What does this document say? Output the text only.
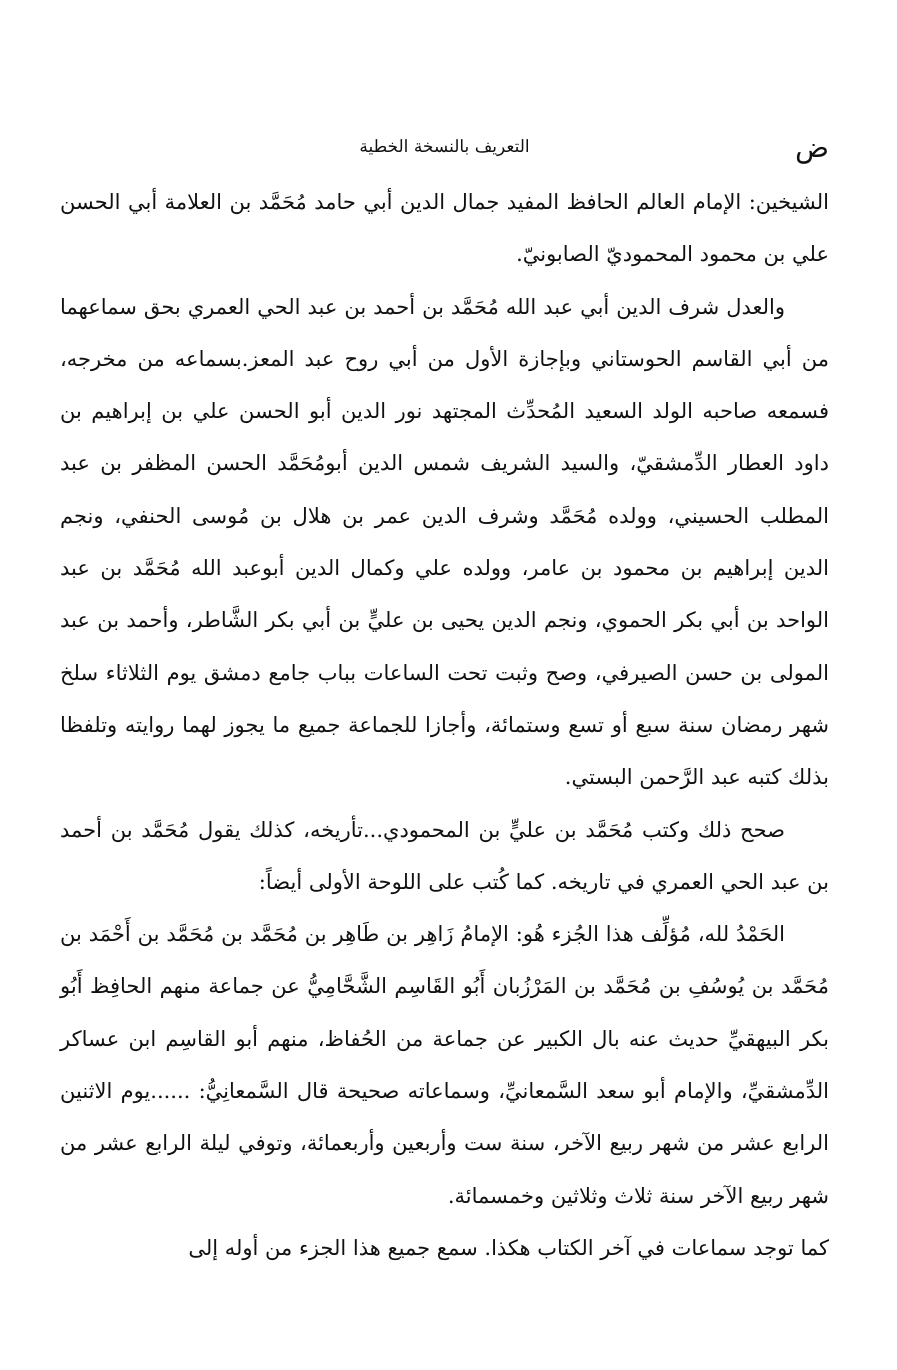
ض
التعريف بالنسخة الخطية

الشيخين: الإمام العالم الحافظ المفيد جمال الدين أبي حامد مُحَمَّد بن العلامة أبي الحسن علي بن محمود المحموديّ الصابونيّ.

والعدل شرف الدين أبي عبد الله مُحَمَّد بن أحمد بن عبد الحي العمري بحق سماعهما من أبي القاسم الحوستاني وبإجازة الأول من أبي روح عبد المعز.بسماعه من مخرجه، فسمعه صاحبه الولد السعيد المُحدِّث المجتهد نور الدين أبو الحسن علي بن إبراهيم بن داود العطار الدِّمشقيّ، والسيد الشريف شمس الدين أبومُحَمَّد الحسن المظفر بن عبد المطلب الحسيني، وولده مُحَمَّد وشرف الدين عمر بن هلال بن مُوسى الحنفي، ونجم الدين إبراهيم بن محمود بن عامر، وولده علي وكمال الدين أبوعبد الله مُحَمَّد بن عبد الواحد بن أبي بكر الحموي، ونجم الدين يحيى بن عليٍّ بن أبي بكر الشَّاطر، وأحمد بن عبد المولى بن حسن الصيرفي، وصح وثبت تحت الساعات بباب جامع دمشق يوم الثلاثاء سلخ شهر رمضان سنة سبع أو تسع وستمائة، وأجازا للجماعة جميع ما يجوز لهما روايته وتلفظا بذلك كتبه عبد الرَّحمن البستي.

صحح ذلك وكتب مُحَمَّد بن عليٍّ بن المحمودي...تأريخه، كذلك يقول مُحَمَّد بن أحمد بن عبد الحي العمري في تاريخه. كما كُتب على اللوحة الأولى أيضاً:

الحَمْدُ لله، مُؤلِّف هذا الجُزء هُو: الإمامُ زَاهِر بن طَاهِر بن مُحَمَّد بن مُحَمَّد بن أَحْمَد بن مُحَمَّد بن يُوسُفِ بن مُحَمَّد بن المَرْزُبان أَبُو القَاسِم الشَّحَّامِيُّ عن جماعة منهم الحافِظ أَبُو بكر البيهقيِّ حديث عنه بال الكبير عن جماعة من الحُفاظ، منهم أبو القاسِم ابن عساكر الدِّمشقيِّ، والإمام أبو سعد السَّمعانيِّ، وسماعاته صحيحة قال السَّمعانِيُّ: ......يوم الاثنين الرابع عشر من شهر ربيع الآخر، سنة ست وأربعين وأربعمائة، وتوفي ليلة الرابع عشر من شهر ربيع الآخر سنة ثلاث وثلاثين وخمسمائة.

كما توجد سماعات في آخر الكتاب هكذا. سمع جميع هذا الجزء من أوله إلى
